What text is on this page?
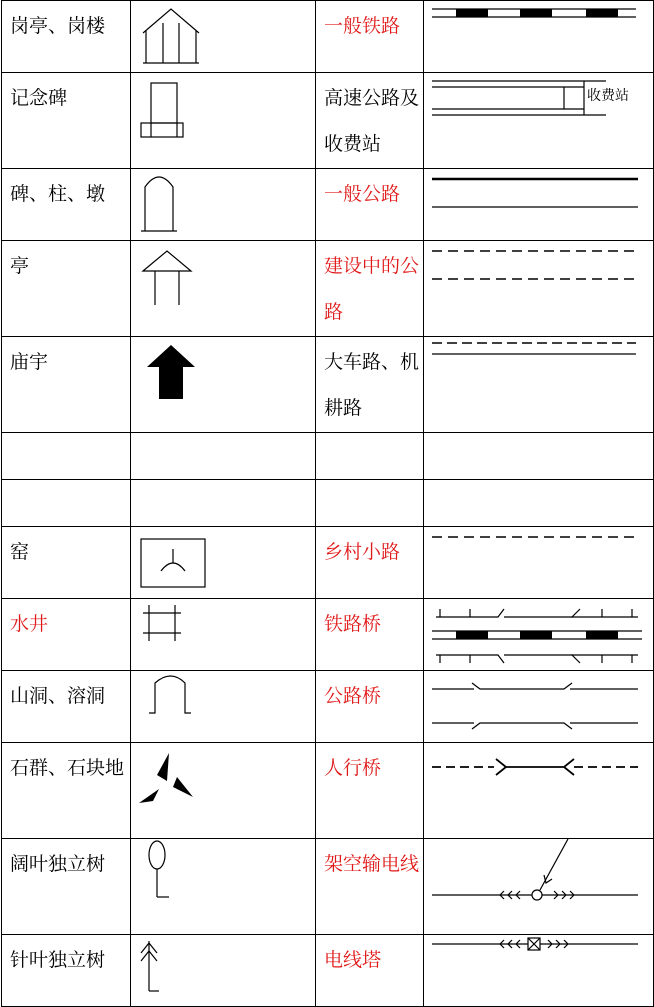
岗亭、岗楼		一般铁路	

记念碑		高速公路及收费站	收费站

碑、柱、墩		一般公路	

亭		建设中的公路	

庙宇		大车路、机耕路	

窑		乡村小路	

水井		铁路桥	

山洞、溶洞		公路桥	

石群、石块地		人行桥	

阔叶独立树		架空输电线	

针叶独立树		电线塔	
